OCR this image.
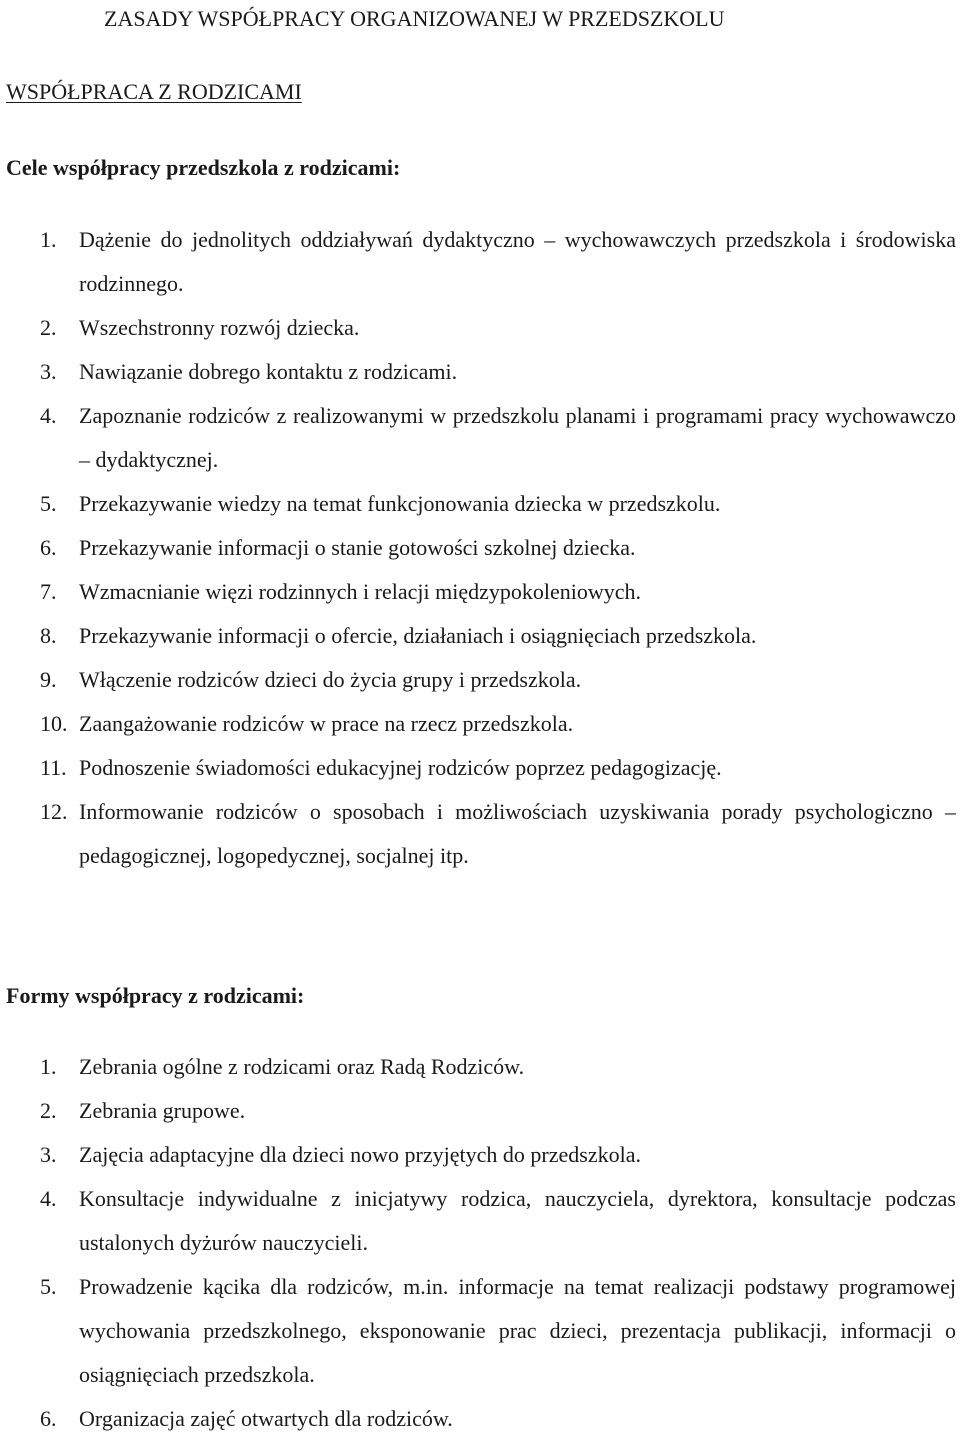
ZASADY WSPÓŁPRACY ORGANIZOWANEJ W PRZEDSZKOLU
WSPÓŁPRACA Z RODZICAMI
Cele współpracy przedszkola z rodzicami:
1. Dążenie do jednolitych oddziaływań dydaktyczno – wychowawczych przedszkola i środowiska rodzinnego.
2. Wszechstronny rozwój dziecka.
3. Nawiązanie dobrego kontaktu z rodzicami.
4. Zapoznanie rodziców z realizowanymi w przedszkolu planami i programami pracy wychowawczo – dydaktycznej.
5. Przekazywanie wiedzy na temat funkcjonowania dziecka w przedszkolu.
6. Przekazywanie informacji o stanie gotowości szkolnej dziecka.
7. Wzmacnianie więzi rodzinnych i relacji międzypokoleniowych.
8. Przekazywanie informacji o ofercie, działaniach i osiągnięciach przedszkola.
9. Włączenie rodziców dzieci do życia grupy i przedszkola.
10. Zaangażowanie rodziców w prace na rzecz przedszkola.
11. Podnoszenie świadomości edukacyjnej rodziców poprzez pedagogizację.
12. Informowanie rodziców o sposobach i możliwościach uzyskiwania porady psychologiczno – pedagogicznej, logopedycznej, socjalnej itp.
Formy współpracy z rodzicami:
1. Zebrania ogólne z rodzicami oraz Radą Rodziców.
2. Zebrania grupowe.
3. Zajęcia adaptacyjne dla dzieci nowo przyjętych do przedszkola.
4. Konsultacje indywidualne z inicjatywy rodzica, nauczyciela, dyrektora, konsultacje podczas ustalonych dyżurów nauczycieli.
5. Prowadzenie kącika dla rodziców, m.in. informacje na temat realizacji podstawy programowej wychowania przedszkolnego, eksponowanie prac dzieci, prezentacja publikacji, informacji o osiągnięciach przedszkola.
6. Organizacja zajęć otwartych dla rodziców.
